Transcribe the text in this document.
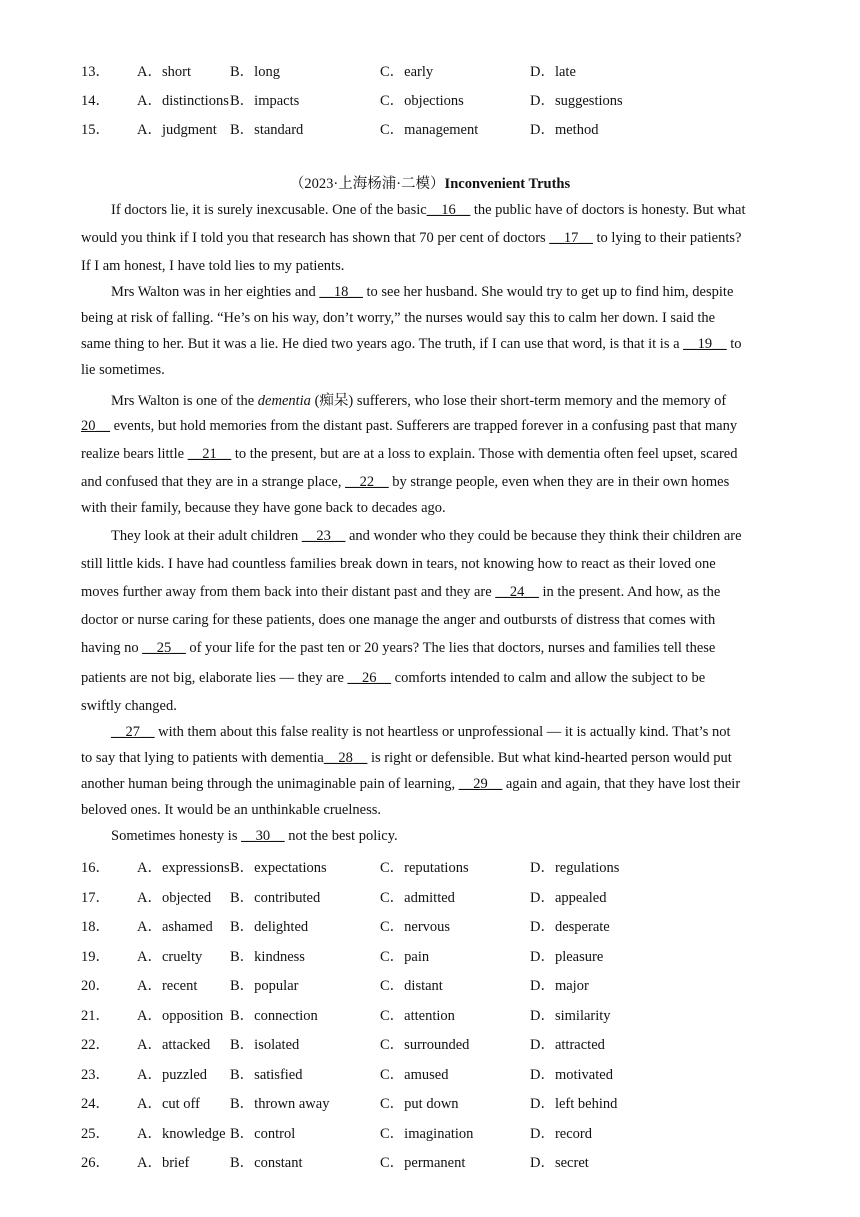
13． A．short	B．long	C．early	D．late
14． A．distinctions B．impacts	C．objections	D．suggestions
15． A．judgment B．standard	C．management	D．method
（2023·上海杨浦·二模）Inconvenient Truths
If doctors lie, it is surely inexcusable. One of the basic__16__ the public have of doctors is honesty. But what
would you think if I told you that research has shown that 70 per cent of doctors __17__ to lying to their patients?
If I am honest, I have told lies to my patients.
Mrs Walton was in her eighties and __18__ to see her husband. She would try to get up to find him, despite
being at risk of falling. “He’s on his way, don’t worry,” the nurses would say this to calm her down. I said the
same thing to her. But it was a lie. He died two years ago. The truth, if I can use that word, is that it is a __19__ to
lie sometimes.
Mrs Walton is one of the dementia (痴呆) sufferers, who lose their short-term memory and the memory of
20__ events, but hold memories from the distant past. Sufferers are trapped forever in a confusing past that many
realize bears little __21__ to the present, but are at a loss to explain. Those with dementia often feel upset, scared
and confused that they are in a strange place, __22__ by strange people, even when they are in their own homes
with their family, because they have gone back to decades ago.
They look at their adult children __23__ and wonder who they could be because they think their children are
still little kids. I have had countless families break down in tears, not knowing how to react as their loved one
moves further away from them back into their distant past and they are __24__ in the present. And how, as the
doctor or nurse caring for these patients, does one manage the anger and outbursts of distress that comes with
having no __25__ of your life for the past ten or 20 years? The lies that doctors, nurses and families tell these
patients are not big, elaborate lies — they are __26__ comforts intended to calm and allow the subject to be
swiftly changed.
__27__ with them about this false reality is not heartless or unprofessional — it is actually kind. That’s not
to say that lying to patients with dementia__28__ is right or defensible. But what kind-hearted person would put
another human being through the unimaginable pain of learning, __29__ again and again, that they have lost their
beloved ones. It would be an unthinkable cruelness.
Sometimes honesty is __30__ not the best policy.
16． A．expressions B．expectations	C．reputations	D．regulations
17． A．objected B．contributed	C．admitted	D．appealed
18． A．ashamed B．delighted	C．nervous	D．desperate
19． A．cruelty B．kindness	C．pain	D．pleasure
20． A．recent B．popular	C．distant	D．major
21． A．opposition B．connection	C．attention	D．similarity
22． A．attacked B．isolated	C．surrounded	D．attracted
23． A．puzzled B．satisfied	C．amused	D．motivated
24． A．cut off B．thrown away	C．put down	D．left behind
25． A．knowledge B．control	C．imagination	D．record
26． A．brief	B．constant	C．permanent	D．secret
